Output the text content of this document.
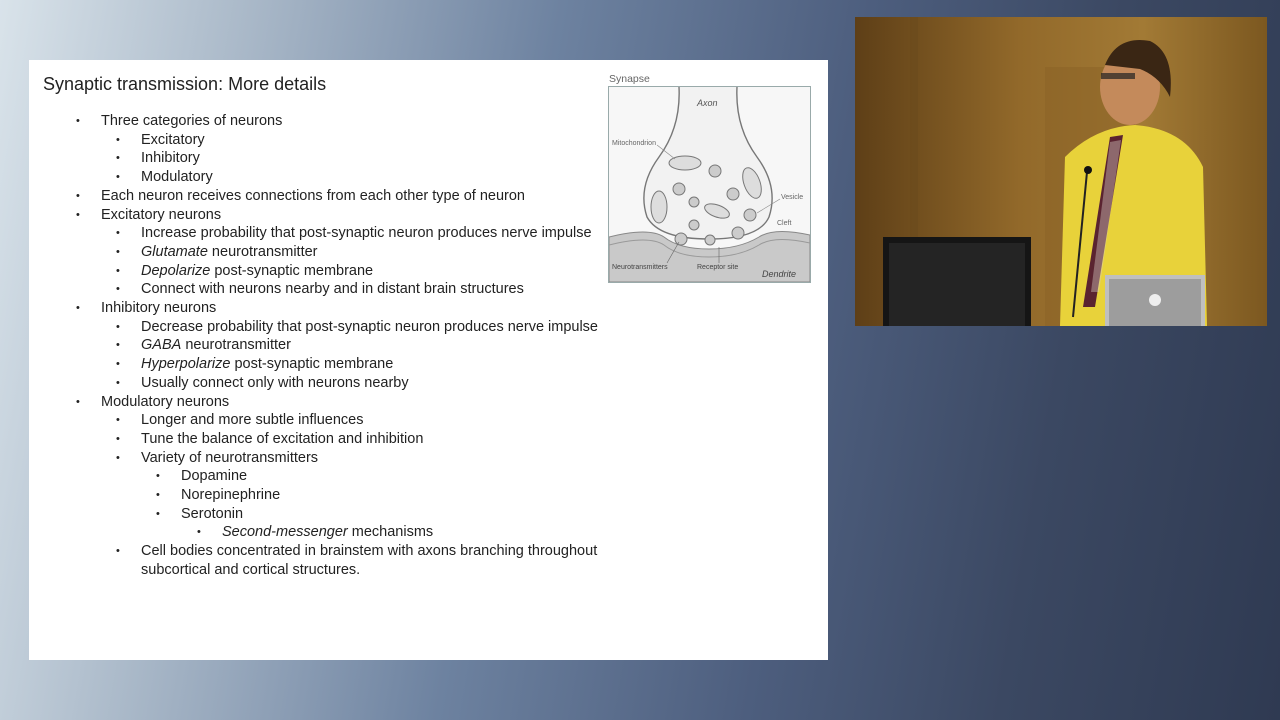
Synaptic transmission: More details
• Three categories of neurons
• Excitatory
• Inhibitory
• Modulatory
• Each neuron receives connections from each other type of neuron
• Excitatory neurons
• Increase probability that post-synaptic neuron produces nerve impulse
• Glutamate neurotransmitter
• Depolarize post-synaptic membrane
• Connect with neurons nearby and in distant brain structures
• Inhibitory neurons
• Decrease probability that post-synaptic neuron produces nerve impulse
• GABA neurotransmitter
• Hyperpolarize post-synaptic membrane
• Usually connect only with neurons nearby
• Modulatory neurons
• Longer and more subtle influences
• Tune the balance of excitation and inhibition
• Variety of neurotransmitters
• Dopamine
• Norepinephrine
• Serotonin
• Second-messenger mechanisms
• Cell bodies concentrated in brainstem with axons branching throughout subcortical and cortical structures.
Synapse
Axon
Mitochondrion
Vesicle
Cleft
Neurotransmitters	Receptor site
Dendrite
